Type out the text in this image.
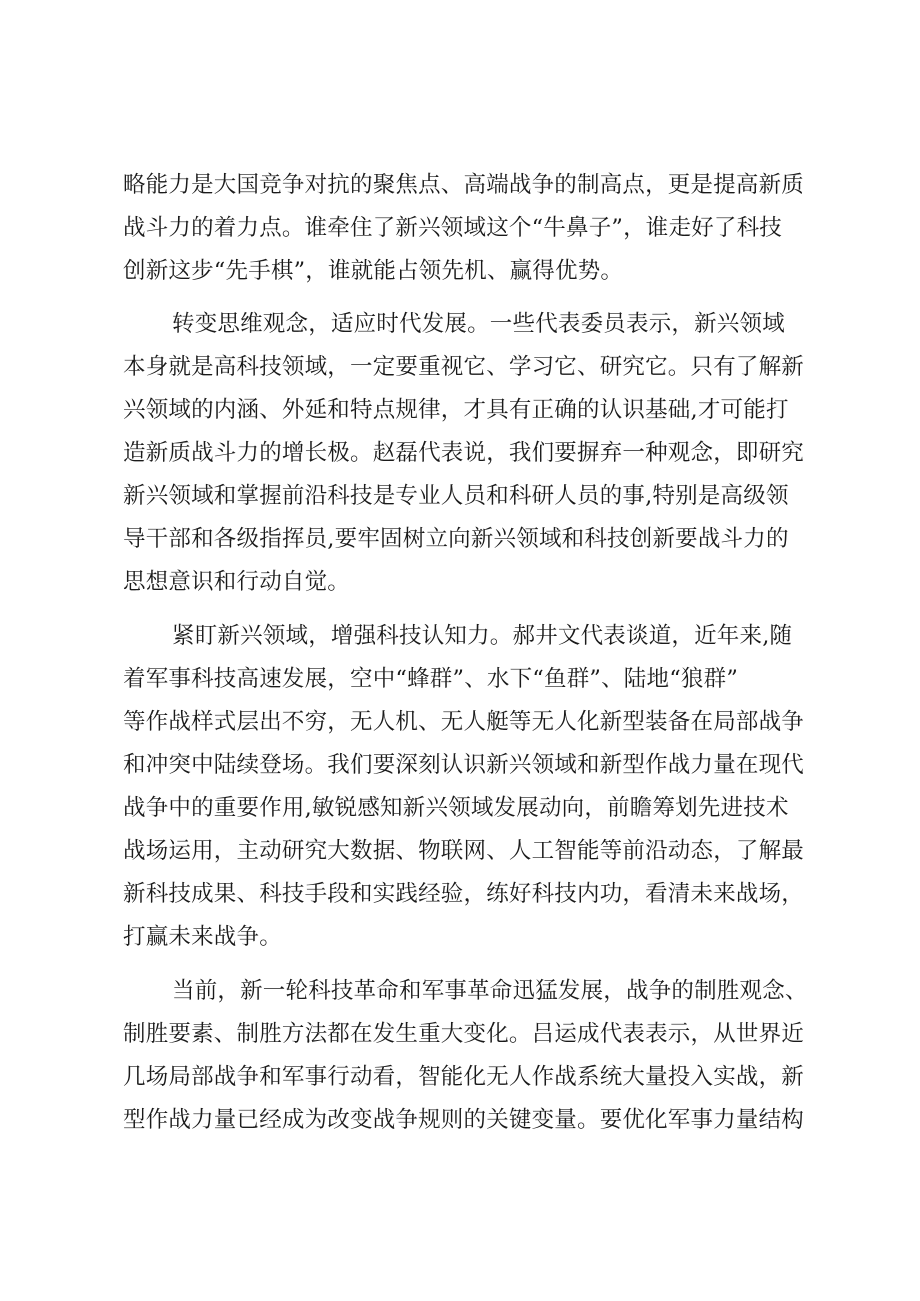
略能力是大国竞争对抗的聚焦点、高端战争的制高点，更是提高新质

战斗力的着力点。谁牵住了新兴领域这个“牛鼻子”，谁走好了科技

创新这步“先手棋”，谁就能占领先机、赢得优势。

转变思维观念，适应时代发展。一些代表委员表示，新兴领域

本身就是高科技领域，一定要重视它、学习它、研究它。只有了解新

兴领域的内涵、外延和特点规律，才具有正确的认识基础,才可能打

造新质战斗力的增长极。赵磊代表说，我们要摒弃一种观念，即研究

新兴领域和掌握前沿科技是专业人员和科研人员的事,特别是高级领

导干部和各级指挥员,要牢固树立向新兴领域和科技创新要战斗力的

思想意识和行动自觉。

紧盯新兴领域，增强科技认知力。郝井文代表谈道，近年来,随

着军事科技高速发展，空中“蜂群”、水下“鱼群”、陆地“狼群”

等作战样式层出不穷，无人机、无人艇等无人化新型装备在局部战争

和冲突中陆续登场。我们要深刻认识新兴领域和新型作战力量在现代

战争中的重要作用,敏锐感知新兴领域发展动向，前瞻筹划先进技术

战场运用，主动研究大数据、物联网、人工智能等前沿动态，了解最

新科技成果、科技手段和实践经验，练好科技内功，看清未来战场，

打赢未来战争。

当前，新一轮科技革命和军事革命迅猛发展，战争的制胜观念、

制胜要素、制胜方法都在发生重大变化。吕运成代表表示，从世界近

几场局部战争和军事行动看，智能化无人作战系统大量投入实战，新

型作战力量已经成为改变战争规则的关键变量。要优化军事力量结构
